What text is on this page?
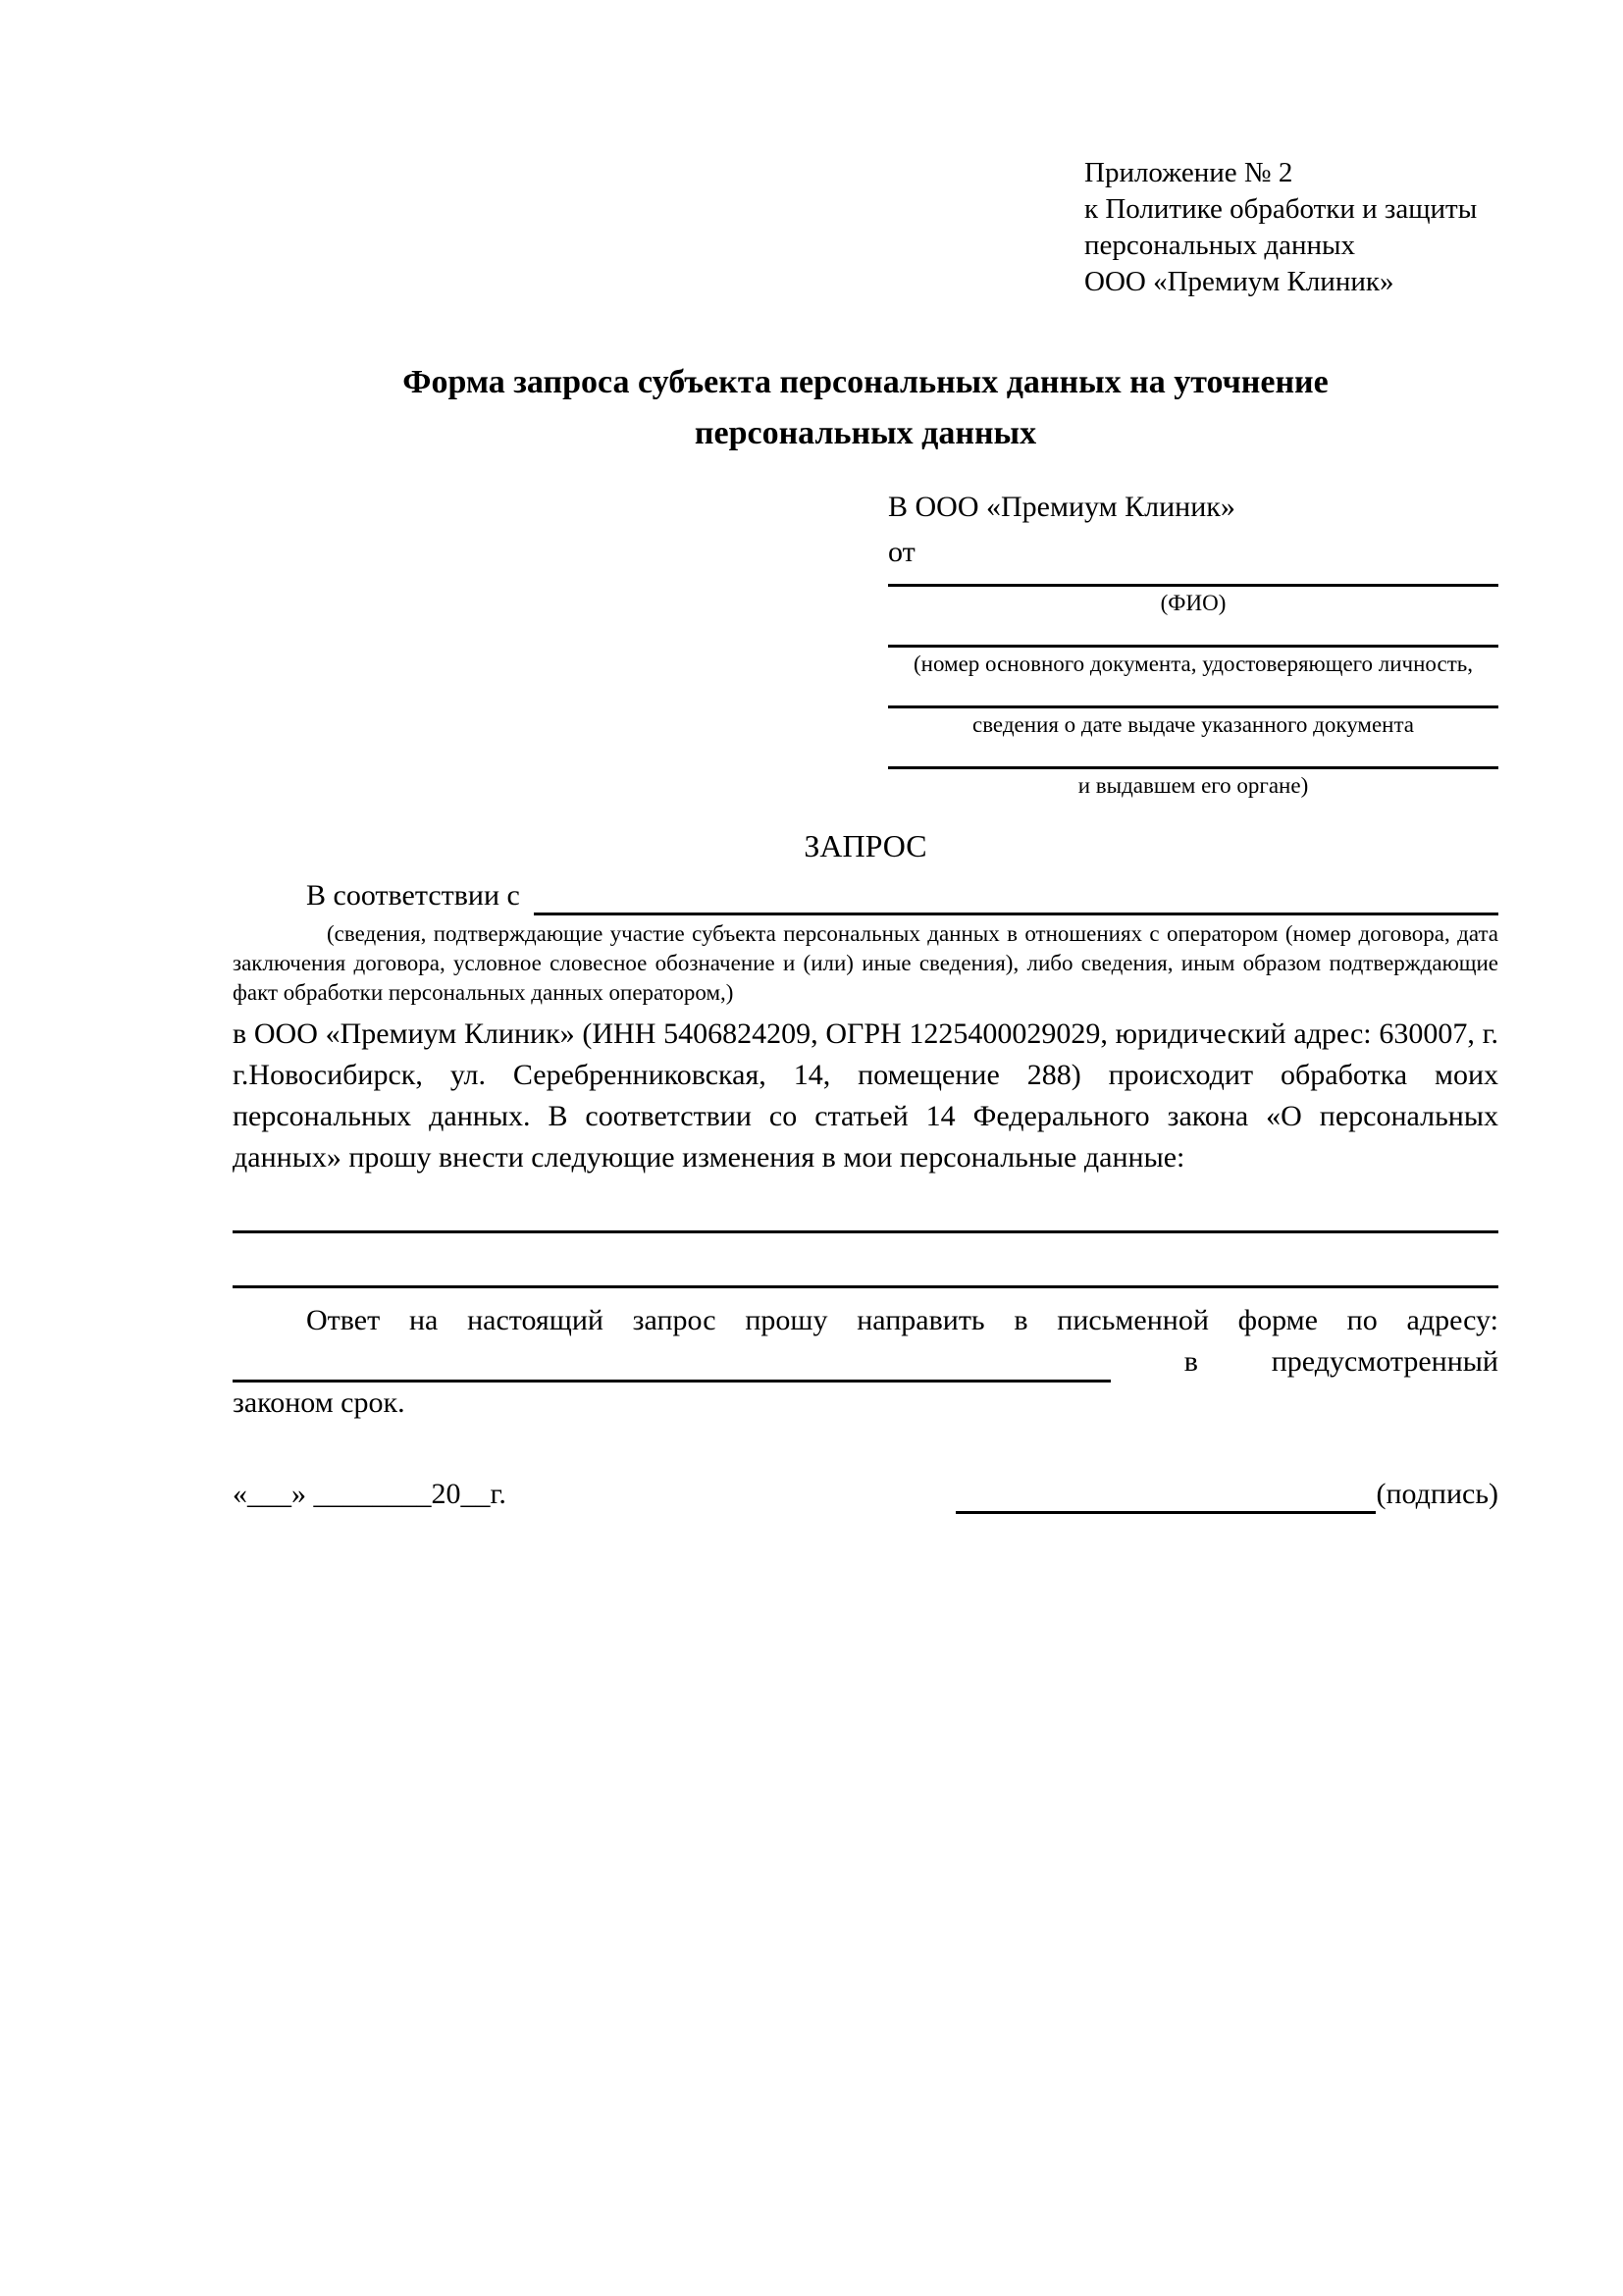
Приложение № 2
к Политике обработки и защиты
персональных данных
ООО «Премиум Клиник»
Форма запроса субъекта персональных данных на уточнение персональных данных
В ООО «Премиум Клиник»
от
(ФИО)
(номер основного документа, удостоверяющего личность,
сведения о дате выдаче указанного документа
и выдавшем его органе)
ЗАПРОС
В соответствии с
(сведения, подтверждающие участие субъекта персональных данных в отношениях с оператором (номер договора, дата заключения договора, условное словесное обозначение и (или) иные сведения), либо сведения, иным образом подтверждающие факт обработки персональных данных оператором,)
в ООО «Премиум Клиник» (ИНН 5406824209, ОГРН 1225400029029, юридический адрес: 630007, г. г.Новосибирск, ул. Серебренниковская, 14, помещение 288) происходит обработка моих персональных данных. В соответствии со статьей 14 Федерального закона «О персональных данных» прошу внести следующие изменения в мои персональные данные:
Ответ на настоящий запрос прошу направить в письменной форме по адресу:
в предусмотренный
законом срок.
«___» ________20__г.	(подпись)
